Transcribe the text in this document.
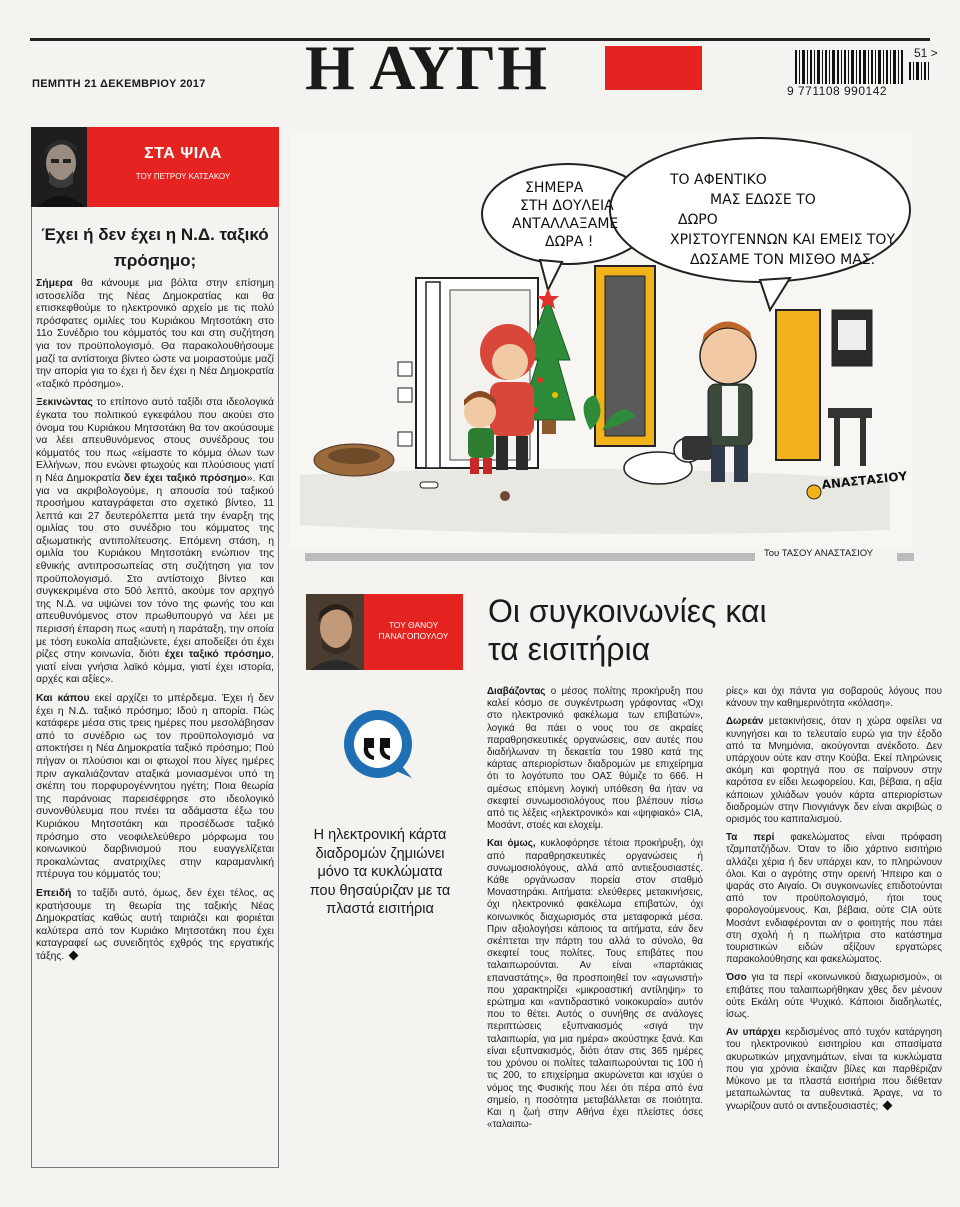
ΠΕΜΠΤΗ 21 ΔΕΚΕΜΒΡΙΟΥ 2017 Η ΑΥΓΗ	51 >
9 771108 990142
ΣΤΑ ΨΙΛΑ
ΤΟΥ ΠΕΤΡΟΥ ΚΑΤΣΑΚΟΥ
Έχει ή δεν έχει η Ν.Δ. ταξικό πρόσημο;

Σήμερα θα κάνουμε μια βόλτα στην επίσημη ιστοσελίδα της Νέας Δημοκρατίας και θα επισκεφθούμε το ηλεκτρονικό αρχείο με τις πολύ πρόσφατες ομιλίες του Κυριάκου Μητσοτάκη στο 11ο Συνέδριο του κόμματός του και στη συζήτηση για τον προϋπολογισμό. Θα παρακολουθήσουμε μαζί τα αντίστοιχα βίντεο ώστε να μοιραστούμε μαζί την απορία για το έχει ή δεν έχει η Νέα Δημοκρατία «ταξικό πρόσημο».

Ξεκινώντας το επίπονο αυτό ταξίδι στα ιδεολογικά έγκατα του πολιτικού εγκεφάλου που ακούει στο όνομα του Κυριάκου Μητσοτάκη θα τον ακούσουμε να λέει απευθυνόμενος στους συνέδρους του κόμματός του πως «είμαστε το κόμμα όλων των Ελλήνων, που ενώνει φτωχούς και πλούσιους γιατί η Νέα Δημοκρατία δεν έχει ταξικό πρόσημο». Και για να ακριβολογούμε, η απουσία τού ταξικού προσήμου καταγράφεται στο σχετικό βίντεο, 11 λεπτά και 27 δευτερόλεπτα μετά την έναρξη της ομιλίας του στο συνέδριο του κόμματος της αξιωματικής αντιπολίτευσης. Επόμενη στάση, η ομιλία του Κυριάκου Μητσοτάκη ενώπιον της εθνικής αντιπροσωπείας στη συζήτηση για τον προϋπολογισμό. Στο αντίστοιχο βίντεο και συγκεκριμένα στο 50ό λεπτό, ακούμε τον αρχηγό της Ν.Δ. να υψώνει τον τόνο της φωνής του και απευθυνόμενος στον πρωθυπουργό να λέει με περισσή έπαρση πως «αυτή η παράταξη, την οποία με τόση ευκολία απαξιώνετε, έχει αποδείξει ότι έχει ρίζες στην κοινωνία, διότι έχει ταξικό πρόσημο, γιατί είναι γνήσια λαϊκό κόμμα, γιατί έχει ιστορία, αρχές και αξίες».

Και κάπου εκεί αρχίζει το μπέρδεμα. Έχει ή δεν έχει η Ν.Δ. ταξικό πρόσημο; Ιδού η απορία. Πώς κατάφερε μέσα στις τρεις ημέρες που μεσολάβησαν από το συνέδριο ως τον προϋπολογισμό να αποκτήσει η Νέα Δημοκρατία ταξικό πρόσημο; Πού πήγαν οι πλούσιοι και οι φτωχοί που λίγες ημέρες πριν αγκαλιάζονταν αταξικά μονιασμένοι υπό τη σκέπη του πορφυρογέννητου ηγέτη; Ποια θεωρία της παράνοιας παρεισέφρησε στο ιδεολογικό συνονθύλευμα που πνέει τα αδάμαστα έξω του Κυριάκου Μητσοτάκη και προσέδωσε ταξικό πρόσημο στο νεοφιλελεύθερο μόρφωμα του κοινωνικού δαρβινισμού που ευαγγελίζεται προκαλώντας ανατριχίλες στην καραμανλική πτέρυγα του κόμματός του;

Επειδή το ταξίδι αυτό, όμως, δεν έχει τέλος, ας κρατήσουμε τη θεωρία της ταξικής Νέας Δημοκρατίας καθώς αυτή ταιριάζει και φοριέται καλύτερα από τον Κυριάκο Μητσοτάκη που έχει καταγραφεί ως συνειδητός εχθρός της εργατικής τάξης.

ΣΗΜΕΡΑ ΣΤΗ ΔΟΥΛΕΙΑ ΑΝΤΑΛΛΑΞΑΜΕ ΔΩΡΑ !
ΤΟ ΑΦΕΝΤΙΚΟ ΜΑΣ ΕΔΩΣΕ ΤΟ ΔΩΡΟ ΧΡΙΣΤΟΥΓΕΝΝΩΝ ΚΑΙ ΕΜΕΙΣ ΤΟΥ ΔΩΣΑΜΕ ΤΟΝ ΜΙΣΘΟ ΜΑΣ.
ΑΝΑΣΤΑΣΙΟΥ
Του ΤΑΣΟΥ ΑΝΑΣΤΑΣΙΟΥ
ΤΟΥ ΘΑΝΟΥ ΠΑΝΑΓΟΠΟΥΛΟΥ
Οι συγκοινωνίες και τα εισιτήρια
Η ηλεκτρονική κάρτα διαδρομών ζημιώνει μόνο τα κυκλώματα που θησαύριζαν με τα πλαστά εισιτήρια

Διαβάζοντας ο μέσος πολίτης προκήρυξη που καλεί κόσμο σε συγκέντρωση γράφοντας «Όχι στο ηλεκτρονικό φακέλωμα των επιβατών», λογικά θα πάει ο νους του σε ακραίες παραθρησκευτικές οργανώσεις, σαν αυτές που διαδήλωναν τη δεκαετία του 1980 κατά της κάρτας απεριορίστων διαδρομών με επιχείρημα ότι το λογότυπο του ΟΑΣ θύμιζε το 666. Η αμέσως επόμενη λογική υπόθεση θα ήταν να σκεφτεί συνωμοσιολόγους που βλέπουν πίσω από τις λέξεις «ηλεκτρονικό» και «ψηφιακό» CIA, Μοσάντ, στοές και ελοχείμ.

Και όμως, κυκλοφόρησε τέτοια προκήρυξη, όχι από παραθρησκευτικές οργανώσεις ή συνωμοσιολόγους, αλλά από αντιεξουσιαστές. Κάθε οργάνωσαν πορεία στον σταθμό Μοναστηράκι. Αιτήματα: ελεύθερες μετακινήσεις, όχι ηλεκτρονικό φακέλωμα επιβατών, όχι κοινωνικός διαχωρισμός στα μεταφορικά μέσα. Πριν αξιολογήσει κάποιος τα αιτήματα, εάν δεν σκέπτεται την πάρτη του αλλά το σύνολο, θα σκεφτεί τους πολίτες. Τους επιβάτες που ταλαιπωρούνται. Αν είναι «παρτάκιας επαναστάτης», θα προσποιηθεί τον «αγωνιστή» που χαρακτηρίζει «μικροαστική αντίληψη» το ερώτημα και «αντιδραστικό νοικοκυραίο» αυτόν που το θέτει. Αυτός ο συνήθης σε ανάλογες περιπτώσεις εξυπνακισμός «σιγά την ταλαιπωρία, για μια ημέρα» ακούστηκε ξανά. Και είναι εξυπνακισμός, διότι όταν στις 365 ημέρες του χρόνου οι πολίτες ταλαιπωρούνται τις 100 ή τις 200, το επιχείρημα ακυρώνεται και ισχύει ο νόμος της Φυσικής που λέει ότι πέρα από ένα σημείο, η ποσότητα μεταβάλλεται σε ποιότητα. Και η ζωή στην Αθήνα έχει πλείστες όσες «ταλαιπω-

ρίες» και όχι πάντα για σοβαρούς λόγους που κάνουν την καθημερινότητα «κόλαση».

Δωρεάν μετακινήσεις, όταν η χώρα οφείλει να κυνηγήσει και το τελευταίο ευρώ για την έξοδο από τα Μνημόνια, ακούγονται ανέκδοτο. Δεν υπάρχουν ούτε καν στην Κούβα. Εκεί πληρώνεις ακόμη και φορτηγά που σε παίρνουν στην καρότσα εν είδει λεωφορείου. Και, βέβαια, η αξία κάποιων χιλιάδων γουόν κάρτα απεριορίστων διαδρομών στην Πιονγιάνγκ δεν είναι ακριβώς ο ορισμός του καπιταλισμού.

Τα περί φακελώματος είναι πρόφαση τζαμπατζήδων. Όταν το ίδιο χάρτινο εισιτήριο αλλάζει χέρια ή δεν υπάρχει καν, το πληρώνουν όλοι. Και ο αγρότης στην ορεινή Ήπειρο και ο ψαράς στο Αιγαίο. Οι συγκοινωνίες επιδοτούνται από τον προϋπολογισμό, ήτοι τους φορολογούμενους. Και, βέβαια, ούτε CIA ούτε Μοσάντ ενδιαφέρονται αν ο φοιτητής που πάει στη σχολή ή η πωλήτρια στο κατάστημα τουριστικών ειδών αξίζουν εργατώρες παρακολούθησης και φακελώματος.

Όσο για τα περί «κοινωνικού διαχωρισμού», οι επιβάτες που ταλαιπωρήθηκαν χθες δεν μένουν ούτε Εκάλη ούτε Ψυχικό. Κάποιοι διαδηλωτές, ίσως.

Αν υπάρχει κερδισμένος από τυχόν κατάργηση του ηλεκτρονικού εισιτηρίου και σπασίματα ακυρωτικών μηχανημάτων, είναι τα κυκλώματα που για χρόνια έκαιζαν βίλες και παρθέριζαν Μύκονο με τα πλαστά εισιτήρια που διέθεταν μεταπωλώντας τα αυθεντικά. Άραγε, να το γνωρίζουν αυτό οι αντιεξουσιαστές;
